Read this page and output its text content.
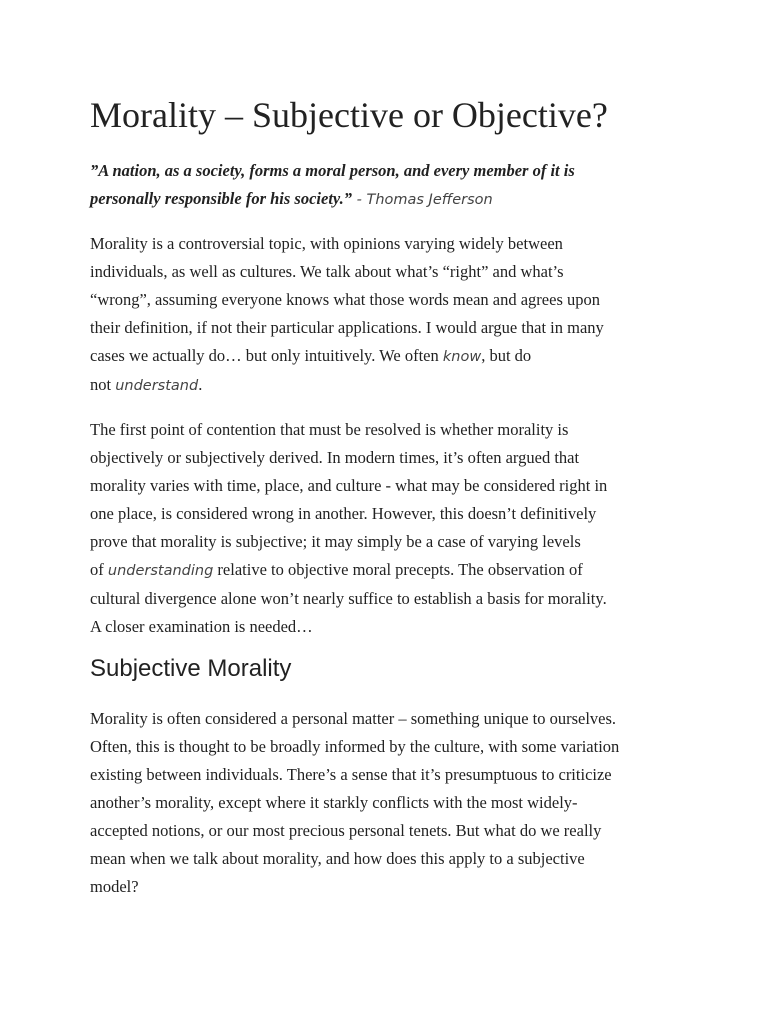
Morality – Subjective or Objective?

”A nation, as a society, forms a moral person, and every member of it is
personally responsible for his society.” - Thomas Jefferson

Morality is a controversial topic, with opinions varying widely between
individuals, as well as cultures. We talk about what’s “right” and what’s
“wrong”, assuming everyone knows what those words mean and agrees upon
their definition, if not their particular applications. I would argue that in many
cases we actually do… but only intuitively. We often know, but do
not understand.

The first point of contention that must be resolved is whether morality is
objectively or subjectively derived. In modern times, it’s often argued that
morality varies with time, place, and culture - what may be considered right in
one place, is considered wrong in another. However, this doesn’t definitively
prove that morality is subjective; it may simply be a case of varying levels
of understanding relative to objective moral precepts. The observation of
cultural divergence alone won’t nearly suffice to establish a basis for morality.
A closer examination is needed…

Subjective Morality

Morality is often considered a personal matter – something unique to ourselves.
Often, this is thought to be broadly informed by the culture, with some variation
existing between individuals. There’s a sense that it’s presumptuous to criticize
another’s morality, except where it starkly conflicts with the most widely-
accepted notions, or our most precious personal tenets. But what do we really
mean when we talk about morality, and how does this apply to a subjective
model?
